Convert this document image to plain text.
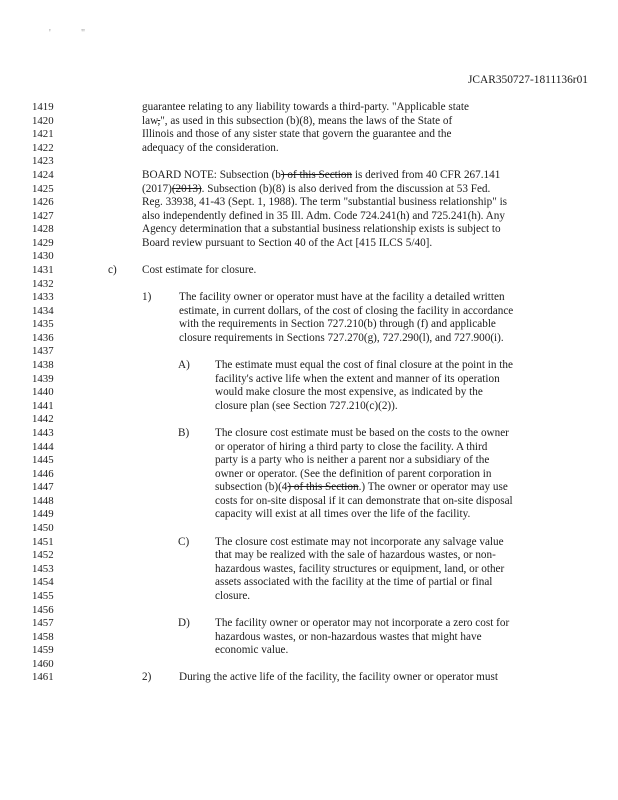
'	"
JCAR350727-1811136r01
1419	guarantee relating to any liability towards a third-party. "Applicable state
1420	law,", as used in this subsection (b)(8), means the laws of the State of
1421	Illinois and those of any sister state that govern the guarantee and the
1422	adequacy of the consideration.
1423
1424	BOARD NOTE: Subsection (b) of this Section is derived from 40 CFR 267.141
1425	(2017)(2013). Subsection (b)(8) is also derived from the discussion at 53 Fed.
1426	Reg. 33938, 41-43 (Sept. 1, 1988). The term "substantial business relationship" is
1427	also independently defined in 35 Ill. Adm. Code 724.241(h) and 725.241(h). Any
1428	Agency determination that a substantial business relationship exists is subject to
1429	Board review pursuant to Section 40 of the Act [415 ILCS 5/40].
1430
1431	c) Cost estimate for closure.
1432
1433	1) The facility owner or operator must have at the facility a detailed written
1434	estimate, in current dollars, of the cost of closing the facility in accordance
1435	with the requirements in Section 727.210(b) through (f) and applicable
1436	closure requirements in Sections 727.270(g), 727.290(l), and 727.900(i).
1437
1438	A) The estimate must equal the cost of final closure at the point in the
1439	facility's active life when the extent and manner of its operation
1440	would make closure the most expensive, as indicated by the
1441	closure plan (see Section 727.210(c)(2)).
1442
1443	B) The closure cost estimate must be based on the costs to the owner
1444	or operator of hiring a third party to close the facility. A third
1445	party is a party who is neither a parent nor a subsidiary of the
1446	owner or operator. (See the definition of parent corporation in
1447	subsection (b)(4) of this Section.) The owner or operator may use
1448	costs for on-site disposal if it can demonstrate that on-site disposal
1449	capacity will exist at all times over the life of the facility.
1450
1451	C) The closure cost estimate may not incorporate any salvage value
1452	that may be realized with the sale of hazardous wastes, or non-
1453	hazardous wastes, facility structures or equipment, land, or other
1454	assets associated with the facility at the time of partial or final
1455	closure.
1456
1457	D) The facility owner or operator may not incorporate a zero cost for
1458	hazardous wastes, or non-hazardous wastes that might have
1459	economic value.
1460
1461	2) During the active life of the facility, the facility owner or operator must
